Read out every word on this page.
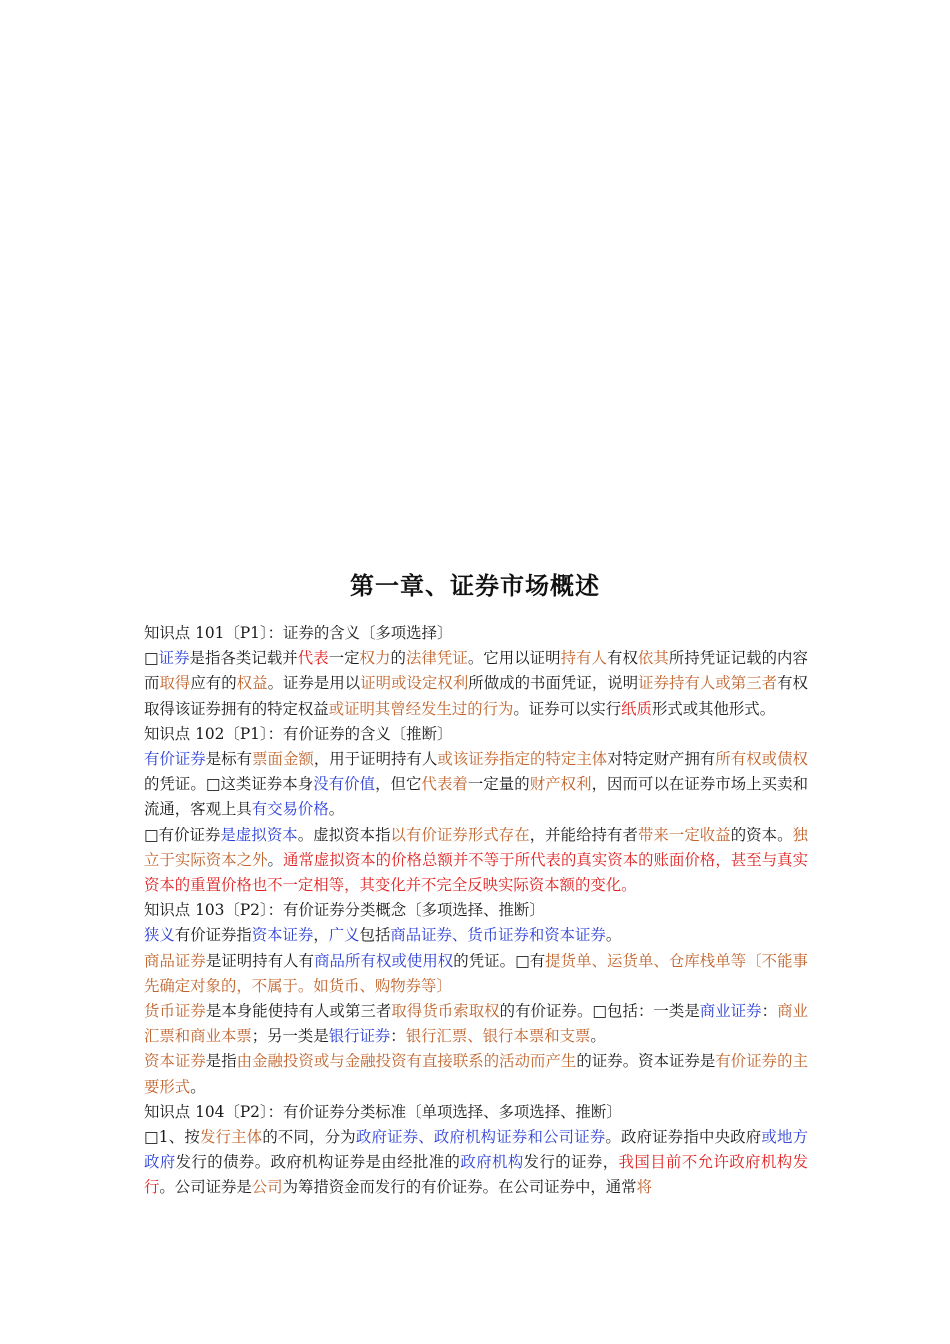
第一章、证券市场概述

知识点 101〔P1〕：证券的含义〔多项选择〕

□证券是指各类记载并代表一定权力的法律凭证。它用以证明持有人有权依其所持凭证记载的内容而取得应有的权益。证券是用以证明或设定权利所做成的书面凭证，说明证券持有人或第三者有权取得该证券拥有的特定权益或证明其曾经发生过的行为。证券可以实行纸质形式或其他形式。

知识点 102〔P1〕：有价证券的含义〔推断〕

有价证券是标有票面金额，用于证明持有人或该证券指定的特定主体对特定财产拥有所有权或债权的凭证。□这类证券本身没有价值，但它代表着一定量的财产权利，因而可以在证券市场上买卖和流通，客观上具有交易价格。

□有价证券是虚拟资本。虚拟资本指以有价证券形式存在，并能给持有者带来一定收益的资本。独立于实际资本之外。通常虚拟资本的价格总额并不等于所代表的真实资本的账面价格，甚至与真实资本的重置价格也不一定相等，其变化并不完全反映实际资本额的变化。

知识点 103〔P2〕：有价证券分类概念〔多项选择、推断〕

狭义有价证券指资本证券，广义包括商品证券、货币证券和资本证券。

商品证券是证明持有人有商品所有权或使用权的凭证。□有提货单、运货单、仓库栈单等〔不能事先确定对象的，不属于。如货币、购物券等〕

货币证券是本身能使持有人或第三者取得货币索取权的有价证券。□包括：一类是商业证券：商业汇票和商业本票；另一类是银行证券：银行汇票、银行本票和支票。

资本证券是指由金融投资或与金融投资有直接联系的活动而产生的证券。资本证券是有价证券的主要形式。

知识点 104〔P2〕：有价证券分类标准〔单项选择、多项选择、推断〕

□1、按发行主体的不同，分为政府证券、政府机构证券和公司证券。政府证券指中央政府或地方政府发行的债券。政府机构证券是由经批准的政府机构发行的证券，我国目前不允许政府机构发行。公司证券是公司为筹措资金而发行的有价证券。在公司证券中，通常将
